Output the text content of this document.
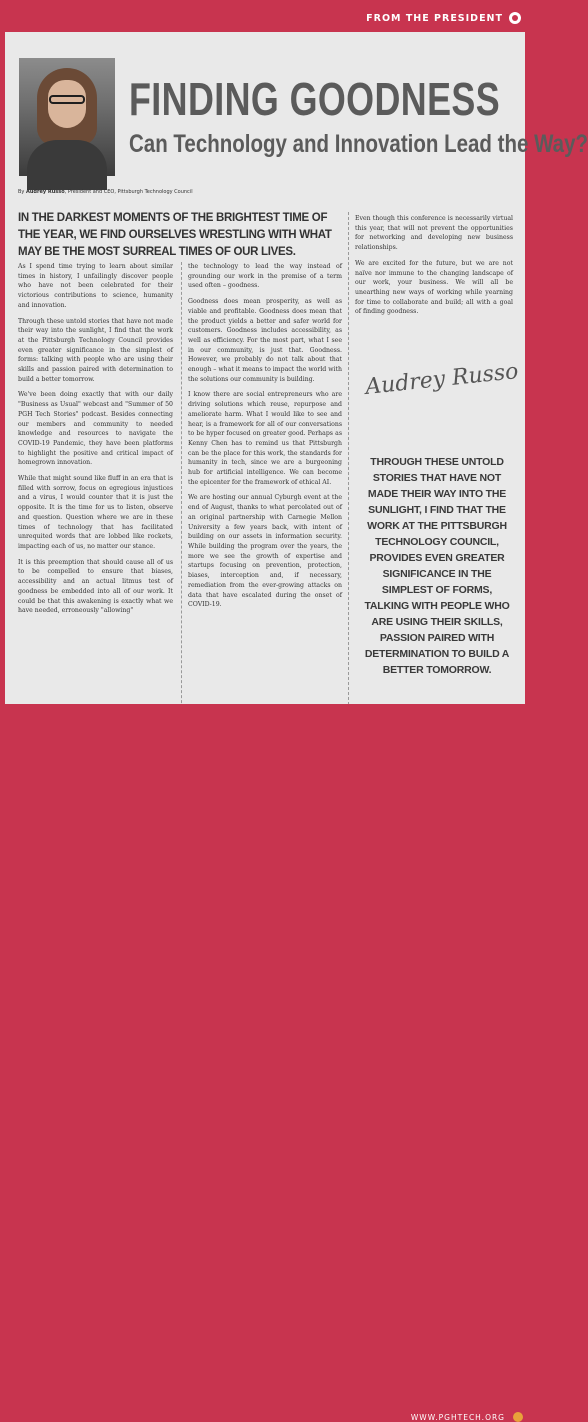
FROM THE PRESIDENT
FINDING GOODNESS
Can Technology and Innovation Lead the Way?
By Audrey Russo, President and CEO, Pittsburgh Technology Council
IN THE DARKEST MOMENTS OF THE BRIGHTEST TIME OF THE YEAR, WE FIND OURSELVES WRESTLING WITH WHAT MAY BE THE MOST SURREAL TIMES OF OUR LIVES.

As I spend time trying to learn about similar times in history, I unfailingly discover people who have not been celebrated for their victorious contributions to science, humanity and innovation.

Through these untold stories that have not made their way into the sunlight, I find that the work at the Pittsburgh Technology Council provides even greater significance in the simplest of forms: talking with people who are using their skills and passion paired with determination to build a better tomorrow.

We've been doing exactly that with our daily "Business as Usual" webcast and "Summer of 50 PGH Tech Stories" podcast. Besides connecting our members and community to needed knowledge and resources to navigate the COVID-19 Pandemic, they have been platforms to highlight the positive and critical impact of homegrown innovation.

While that might sound like fluff in an era that is filled with sorrow, focus on egregious injustices and a virus, I would counter that it is just the opposite. It is the time for us to listen, observe and question. Question where we are in these times of technology that has facilitated unrequited words that are lobbed like rockets, impacting each of us, no matter our stance.

It is this preemption that should cause all of us to be compelled to ensure that biases, accessibility and an actual litmus test of goodness be embedded into all of our work. It could be that this awakening is exactly what we have needed, erroneously "allowing"

the technology to lead the way instead of grounding our work in the premise of a term used often – goodness.

Goodness does mean prosperity, as well as viable and profitable. Goodness does mean that the product yields a better and safer world for customers. Goodness includes accessibility, as well as efficiency. For the most part, what I see in our community, is just that. Goodness. However, we probably do not talk about that enough – what it means to impact the world with the solutions our community is building.

I know there are social entrepreneurs who are driving solutions which reuse, repurpose and ameliorate harm. What I would like to see and hear, is a framework for all of our conversations to be hyper focused on greater good. Perhaps as Kenny Chen has to remind us that Pittsburgh can be the place for this work, the standards for humanity in tech, since we are a burgeoning hub for artificial intelligence. We can become the epicenter for the framework of ethical AI.

We are hosting our annual Cyburgh event at the end of August, thanks to what percolated out of an original partnership with Carnegie Mellon University a few years back, with intent of building on our assets in information security. While building the program over the years, the more we see the growth of expertise and startups focusing on prevention, protection, biases, interception and, if necessary, remediation from the ever-growing attacks on data that have escalated during the onset of COVID-19.

Even though this conference is necessarily virtual this year, that will not prevent the opportunities for networking and developing new business relationships.

We are excited for the future, but we are not naïve nor immune to the changing landscape of our work, your business. We will all be unearthing new ways of working while yearning for time to collaborate and build; all with a goal of finding goodness.

Audrey Russo
THROUGH THESE UNTOLD STORIES THAT HAVE NOT MADE THEIR WAY INTO THE SUNLIGHT, I FIND THAT THE WORK AT THE PITTSBURGH TECHNOLOGY COUNCIL, PROVIDES EVEN GREATER SIGNIFICANCE IN THE SIMPLEST OF FORMS, TALKING WITH PEOPLE WHO ARE USING THEIR SKILLS, PASSION PAIRED WITH DETERMINATION TO BUILD A BETTER TOMORROW.
WWW.PGHTECH.ORG
